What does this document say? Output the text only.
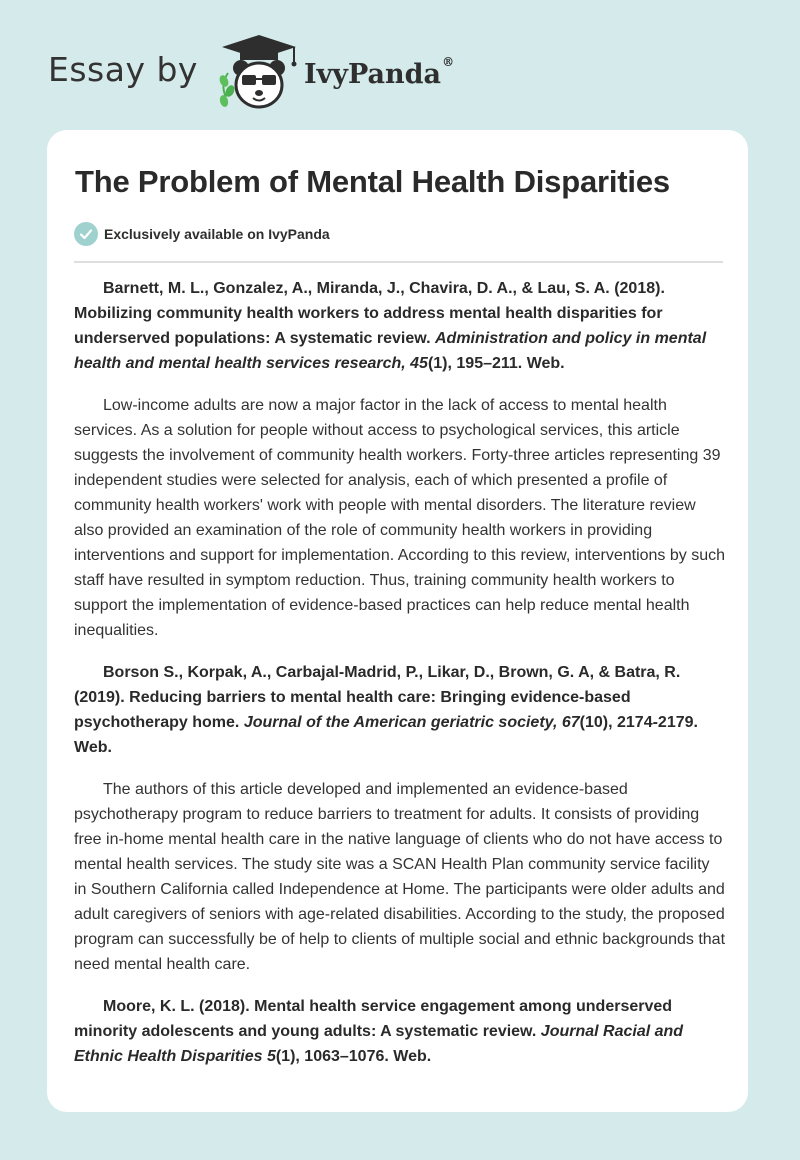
Essay by	IvyPanda®
The Problem of Mental Health Disparities
Exclusively available on IvyPanda

Barnett, M. L., Gonzalez, A., Miranda, J., Chavira, D. A., & Lau, S. A. (2018). Mobilizing community health workers to address mental health disparities for underserved populations: A systematic review. Administration and policy in mental health and mental health services research, 45(1), 195–211. Web.

Low-income adults are now a major factor in the lack of access to mental health services. As a solution for people without access to psychological services, this article suggests the involvement of community health workers. Forty-three articles representing 39 independent studies were selected for analysis, each of which presented a profile of community health workers' work with people with mental disorders. The literature review also provided an examination of the role of community health workers in providing interventions and support for implementation. According to this review, interventions by such staff have resulted in symptom reduction. Thus, training community health workers to support the implementation of evidence-based practices can help reduce mental health inequalities.

Borson S., Korpak, A., Carbajal-Madrid, P., Likar, D., Brown, G. A, & Batra, R. (2019). Reducing barriers to mental health care: Bringing evidence-based psychotherapy home. Journal of the American geriatric society, 67(10), 2174-2179. Web.

The authors of this article developed and implemented an evidence-based psychotherapy program to reduce barriers to treatment for adults. It consists of providing free in-home mental health care in the native language of clients who do not have access to mental health services. The study site was a SCAN Health Plan community service facility in Southern California called Independence at Home. The participants were older adults and adult caregivers of seniors with age-related disabilities. According to the study, the proposed program can successfully be of help to clients of multiple social and ethnic backgrounds that need mental health care.

Moore, K. L. (2018). Mental health service engagement among underserved minority adolescents and young adults: A systematic review. Journal Racial and Ethnic Health Disparities 5(1), 1063–1076. Web.
